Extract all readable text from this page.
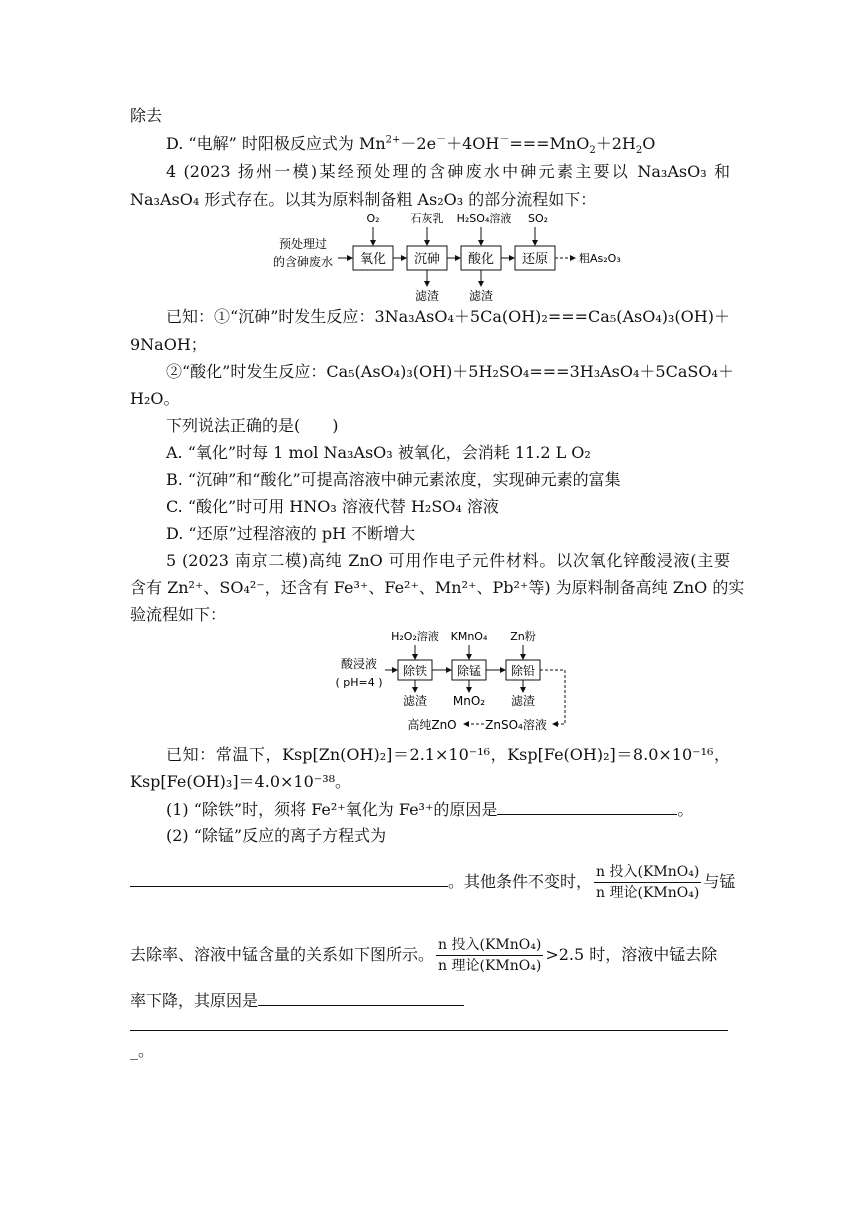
除去
D. “电解” 时阳极反应式为 $Mn^{2+}-2e^-+4OH^-===MnO_2+2H_2O$
4 (2023 扬州一模)某经预处理的含砷废水中砷元素主要以 Na₃AsO₃ 和
Na₃AsO₄ 形式存在。以其为原料制备粗 As₂O₃ 的部分流程如下：
预处理过
的含砷废水 氧化 沉砷 酸化 还原	粗As₂O₃
O₂	石灰乳 H₂SO₄溶液 SO₂
滤渣 滤渣
已知：①“沉砷”时发生反应：3Na₃AsO₄＋5Ca(OH)₂===Ca₅(AsO₄)₃(OH)＋
9NaOH；
②“酸化”时发生反应：Ca₅(AsO₄)₃(OH)＋5H₂SO₄===3H₃AsO₄＋5CaSO₄＋
H₂O。
下列说法正确的是(　　)
A. “氧化”时每 1 mol Na₃AsO₃ 被氧化，会消耗 11.2 L O₂
B. “沉砷”和“酸化”可提高溶液中砷元素浓度，实现砷元素的富集
C. “酸化”时可用 HNO₃ 溶液代替 H₂SO₄ 溶液
D. “还原”过程溶液的 pH 不断增大
5 (2023 南京二模)高纯 ZnO 可用作电子元件材料。以次氧化锌酸浸液(主要
含有 Zn²⁺、SO₄²⁻，还含有 Fe³⁺、Fe²⁺、Mn²⁺、Pb²⁺等) 为原料制备高纯 ZnO 的实
验流程如下：
酸浸液
( pH=4 )
除铁 除锰 除铅
ZnSO₄溶液
高纯ZnO
H₂O₂溶液 KMnO₄ Zn粉
滤渣 MnO₂ 滤渣
已知：常温下，Ksp[Zn(OH)₂]＝2.1×10⁻¹⁶，Ksp[Fe(OH)₂]＝8.0×10⁻¹⁶，
Ksp[Fe(OH)₃]＝4.0×10⁻³⁸。
(1) “除铁”时，须将 Fe²⁺氧化为 Fe³⁺的原因是	。
(2) “除锰”反应的离子方程式为
。其他条件不变时， $\frac{\text{n 投入(KMnO₄)}}{\text{n 理论(KMnO₄)}}$ 与锰
去除率、溶液中锰含量的关系如下图所示。 $\frac{\text{n 投入(KMnO₄)}}{\text{n 理论(KMnO₄)}} >2.5$ 时，溶液中锰去除
率下降，其原因是
_。
